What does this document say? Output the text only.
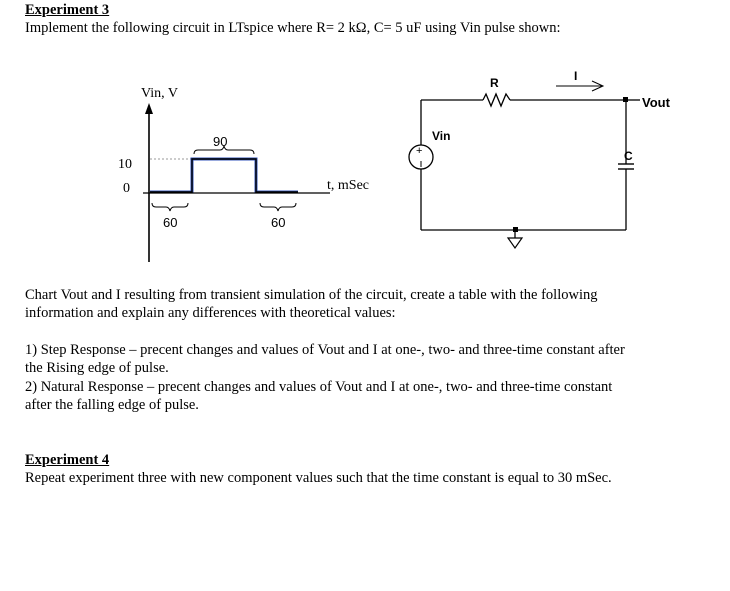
Experiment 3
Implement the following circuit in LTspice where R= 2 kΩ, C= 5 uF using Vin pulse shown:
Vin, V
t, mSec
10
0
90
60	60
R	I
Vout
+
Vin
C
Chart Vout and I resulting from transient simulation of the circuit, create a table with the following
information and explain any differences with theoretical values:
1) Step Response – precent changes and values of Vout and I at one-, two- and three-time constant after
the Rising edge of pulse.
2) Natural Response – precent changes and values of Vout and I at one-, two- and three-time constant
after the falling edge of pulse.
Experiment 4
Repeat experiment three with new component values such that the time constant is equal to 30 mSec.
